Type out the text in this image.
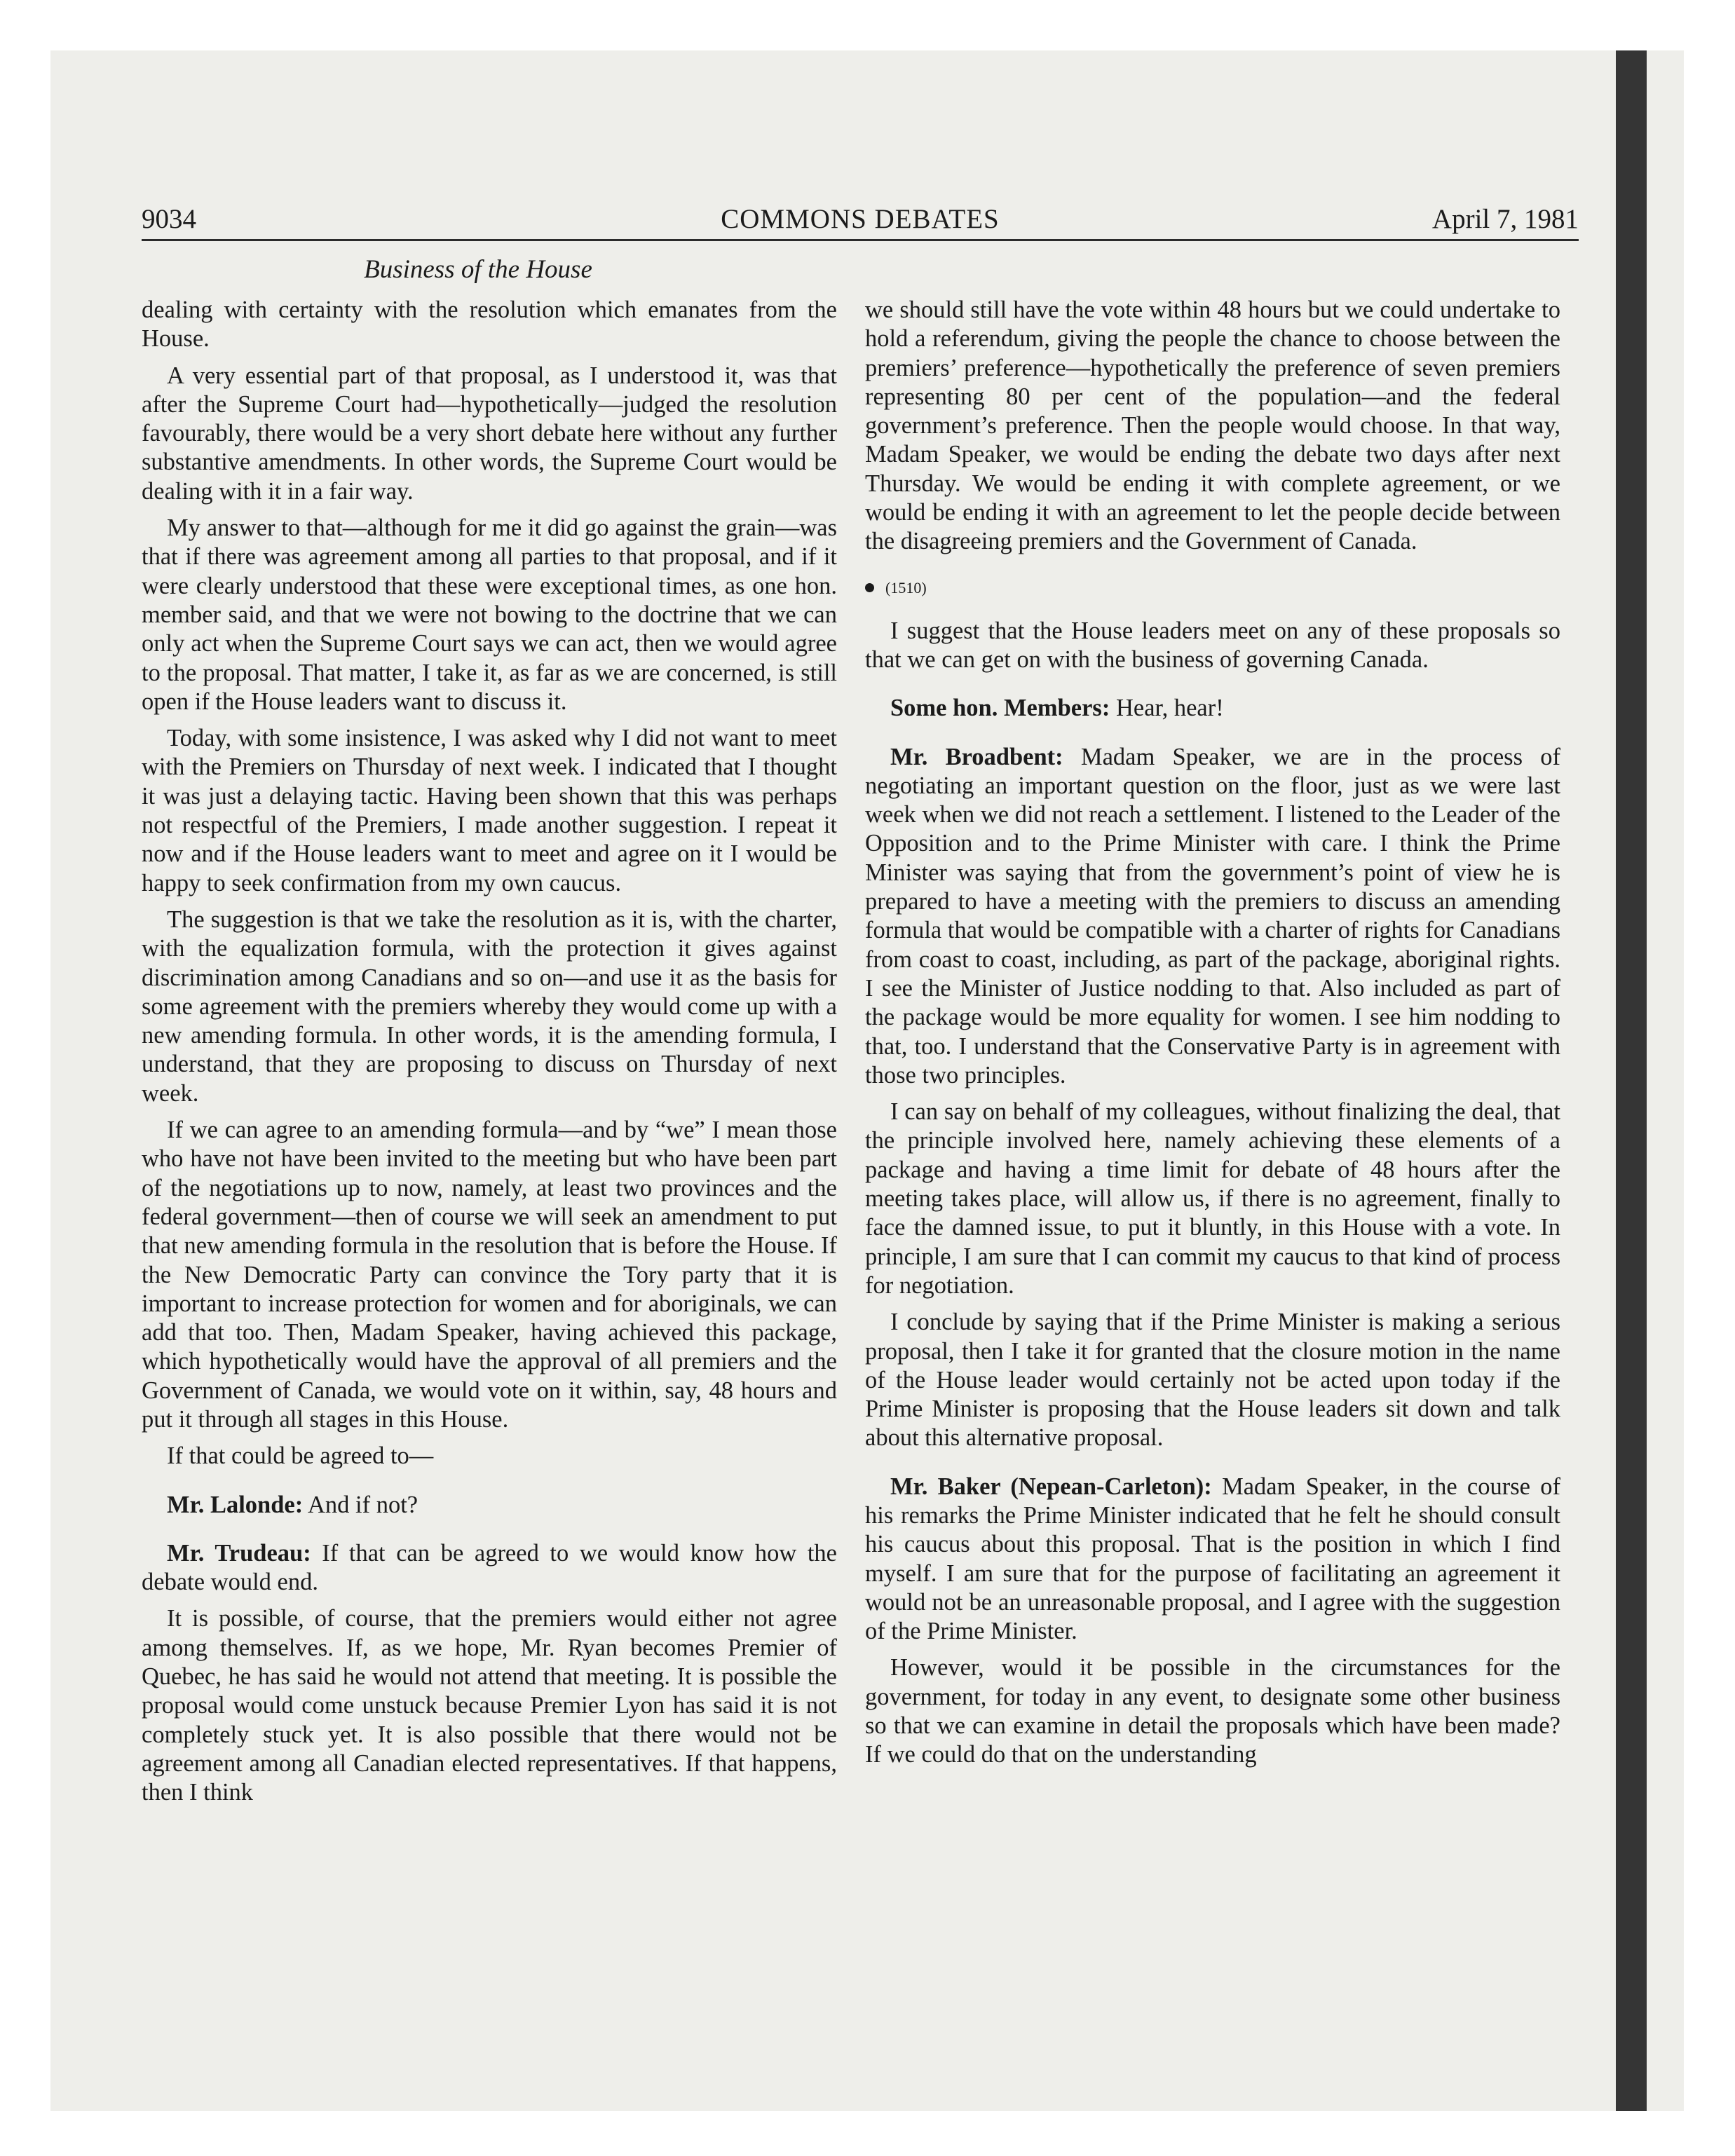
9034	COMMONS DEBATES	April 7, 1981
Business of the House

dealing with certainty with the resolution which emanates from the House.

A very essential part of that proposal, as I understood it, was that after the Supreme Court had—hypothetically—judged the resolution favourably, there would be a very short debate here without any further substantive amendments. In other words, the Supreme Court would be dealing with it in a fair way.

My answer to that—although for me it did go against the grain—was that if there was agreement among all parties to that proposal, and if it were clearly understood that these were exceptional times, as one hon. member said, and that we were not bowing to the doctrine that we can only act when the Supreme Court says we can act, then we would agree to the proposal. That matter, I take it, as far as we are concerned, is still open if the House leaders want to discuss it.

Today, with some insistence, I was asked why I did not want to meet with the Premiers on Thursday of next week. I indicated that I thought it was just a delaying tactic. Having been shown that this was perhaps not respectful of the Premiers, I made another suggestion. I repeat it now and if the House leaders want to meet and agree on it I would be happy to seek confirmation from my own caucus.

The suggestion is that we take the resolution as it is, with the charter, with the equalization formula, with the protection it gives against discrimination among Canadians and so on—and use it as the basis for some agreement with the premiers whereby they would come up with a new amending formula. In other words, it is the amending formula, I understand, that they are proposing to discuss on Thursday of next week.

If we can agree to an amending formula—and by “we” I mean those who have not have been invited to the meeting but who have been part of the negotiations up to now, namely, at least two provinces and the federal government—then of course we will seek an amendment to put that new amending formula in the resolution that is before the House. If the New Democratic Party can convince the Tory party that it is important to increase protection for women and for aboriginals, we can add that too. Then, Madam Speaker, having achieved this package, which hypothetically would have the approval of all premiers and the Government of Canada, we would vote on it within, say, 48 hours and put it through all stages in this House.

If that could be agreed to—

Mr. Lalonde: And if not?

Mr. Trudeau: If that can be agreed to we would know how the debate would end.

It is possible, of course, that the premiers would either not agree among themselves. If, as we hope, Mr. Ryan becomes Premier of Quebec, he has said he would not attend that meeting. It is possible the proposal would come unstuck because Premier Lyon has said it is not completely stuck yet. It is also possible that there would not be agreement among all Canadian elected representatives. If that happens, then I think

we should still have the vote within 48 hours but we could undertake to hold a referendum, giving the people the chance to choose between the premiers’ preference—hypothetically the preference of seven premiers representing 80 per cent of the population—and the federal government’s preference. Then the people would choose. In that way, Madam Speaker, we would be ending the debate two days after next Thursday. We would be ending it with complete agreement, or we would be ending it with an agreement to let the people decide between the disagreeing premiers and the Government of Canada.

(1510)

I suggest that the House leaders meet on any of these proposals so that we can get on with the business of governing Canada.

Some hon. Members: Hear, hear!

Mr. Broadbent: Madam Speaker, we are in the process of negotiating an important question on the floor, just as we were last week when we did not reach a settlement. I listened to the Leader of the Opposition and to the Prime Minister with care. I think the Prime Minister was saying that from the government’s point of view he is prepared to have a meeting with the premiers to discuss an amending formula that would be compatible with a charter of rights for Canadians from coast to coast, including, as part of the package, aboriginal rights. I see the Minister of Justice nodding to that. Also included as part of the package would be more equality for women. I see him nodding to that, too. I understand that the Conservative Party is in agreement with those two principles.

I can say on behalf of my colleagues, without finalizing the deal, that the principle involved here, namely achieving these elements of a package and having a time limit for debate of 48 hours after the meeting takes place, will allow us, if there is no agreement, finally to face the damned issue, to put it bluntly, in this House with a vote. In principle, I am sure that I can commit my caucus to that kind of process for negotiation.

I conclude by saying that if the Prime Minister is making a serious proposal, then I take it for granted that the closure motion in the name of the House leader would certainly not be acted upon today if the Prime Minister is proposing that the House leaders sit down and talk about this alternative proposal.

Mr. Baker (Nepean-Carleton): Madam Speaker, in the course of his remarks the Prime Minister indicated that he felt he should consult his caucus about this proposal. That is the position in which I find myself. I am sure that for the purpose of facilitating an agreement it would not be an unreasonable proposal, and I agree with the suggestion of the Prime Minister.

However, would it be possible in the circumstances for the government, for today in any event, to designate some other business so that we can examine in detail the proposals which have been made? If we could do that on the understanding
